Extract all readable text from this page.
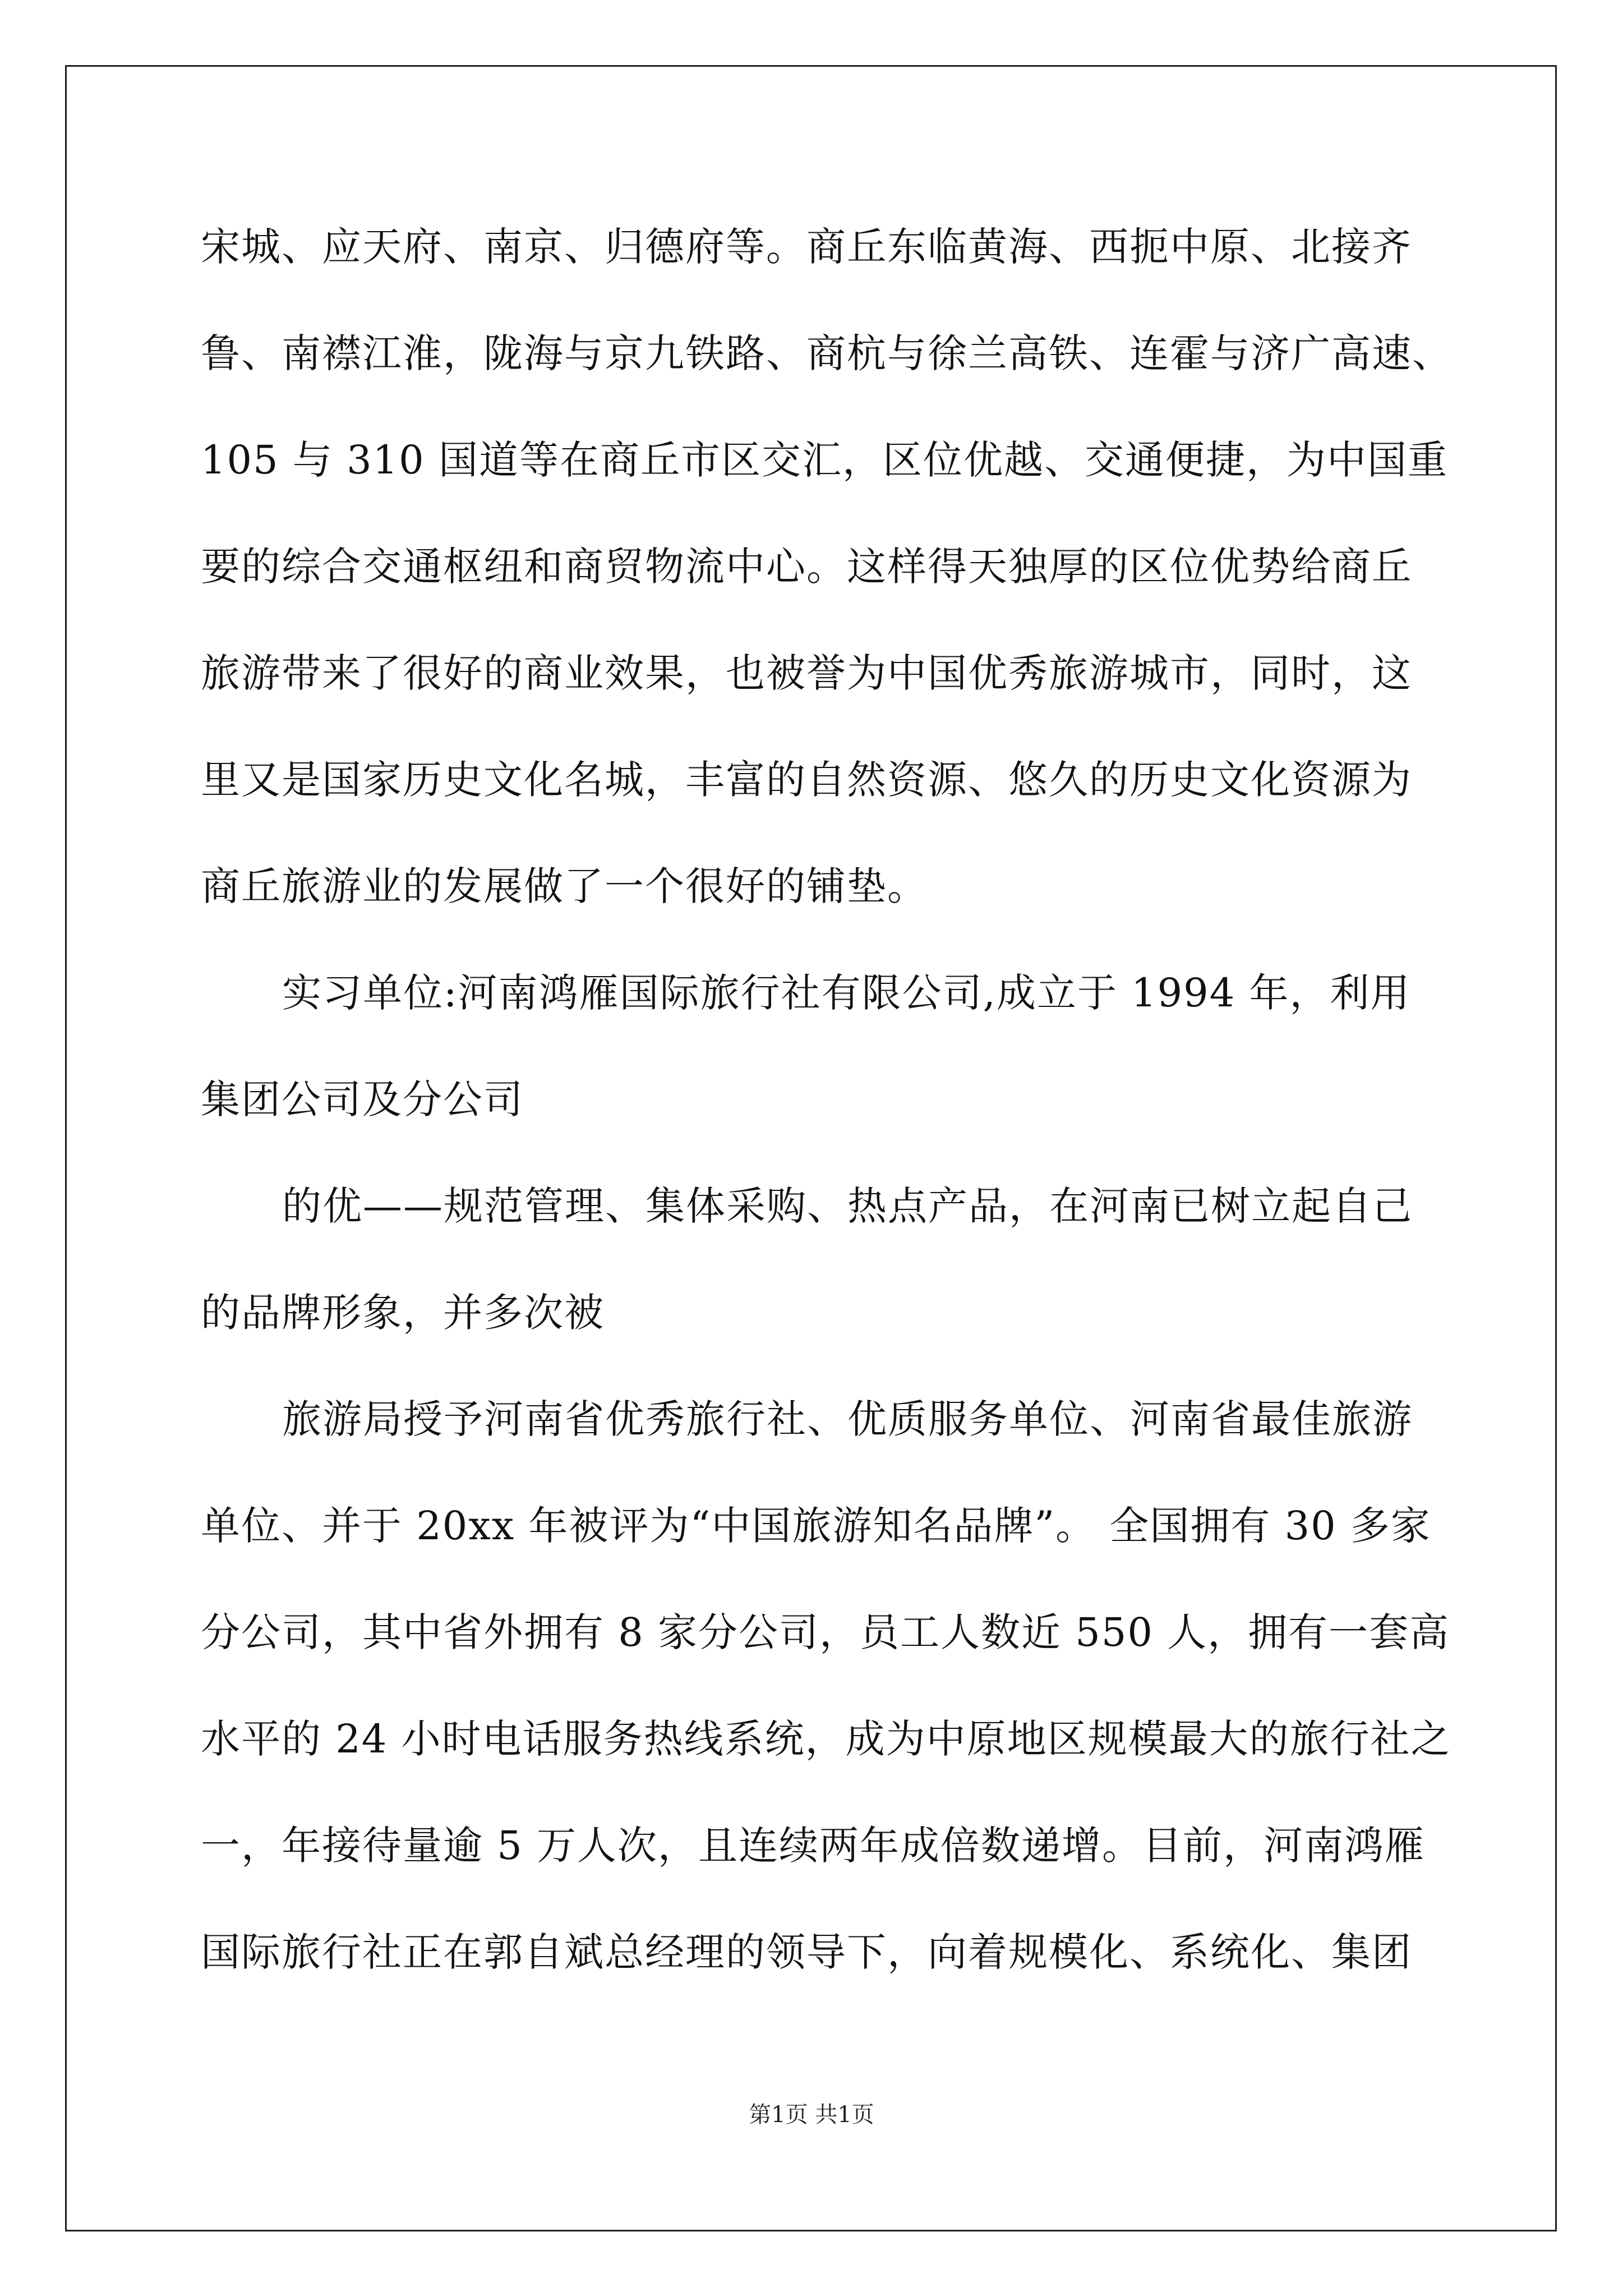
宋城、应天府、南京、归德府等。商丘东临黄海、西扼中原、北接齐
鲁、南襟江淮，陇海与京九铁路、商杭与徐兰高铁、连霍与济广高速、
105 与 310 国道等在商丘市区交汇，区位优越、交通便捷，为中国重
要的综合交通枢纽和商贸物流中心。这样得天独厚的区位优势给商丘
旅游带来了很好的商业效果，也被誉为中国优秀旅游城市，同时，这
里又是国家历史文化名城，丰富的自然资源、悠久的历史文化资源为
商丘旅游业的发展做了一个很好的铺垫。
实习单位:河南鸿雁国际旅行社有限公司,成立于 1994 年，利用
集团公司及分公司
的优——规范管理、集体采购、热点产品，在河南已树立起自己
的品牌形象，并多次被
旅游局授予河南省优秀旅行社、优质服务单位、河南省最佳旅游
单位、并于 20xx 年被评为“中国旅游知名品牌”。 全国拥有 30 多家
分公司，其中省外拥有 8 家分公司，员工人数近 550 人，拥有一套高
水平的 24 小时电话服务热线系统，成为中原地区规模最大的旅行社之
一，年接待量逾 5 万人次，且连续两年成倍数递增。目前，河南鸿雁
国际旅行社正在郭自斌总经理的领导下，向着规模化、系统化、集团
第1页 共1页
